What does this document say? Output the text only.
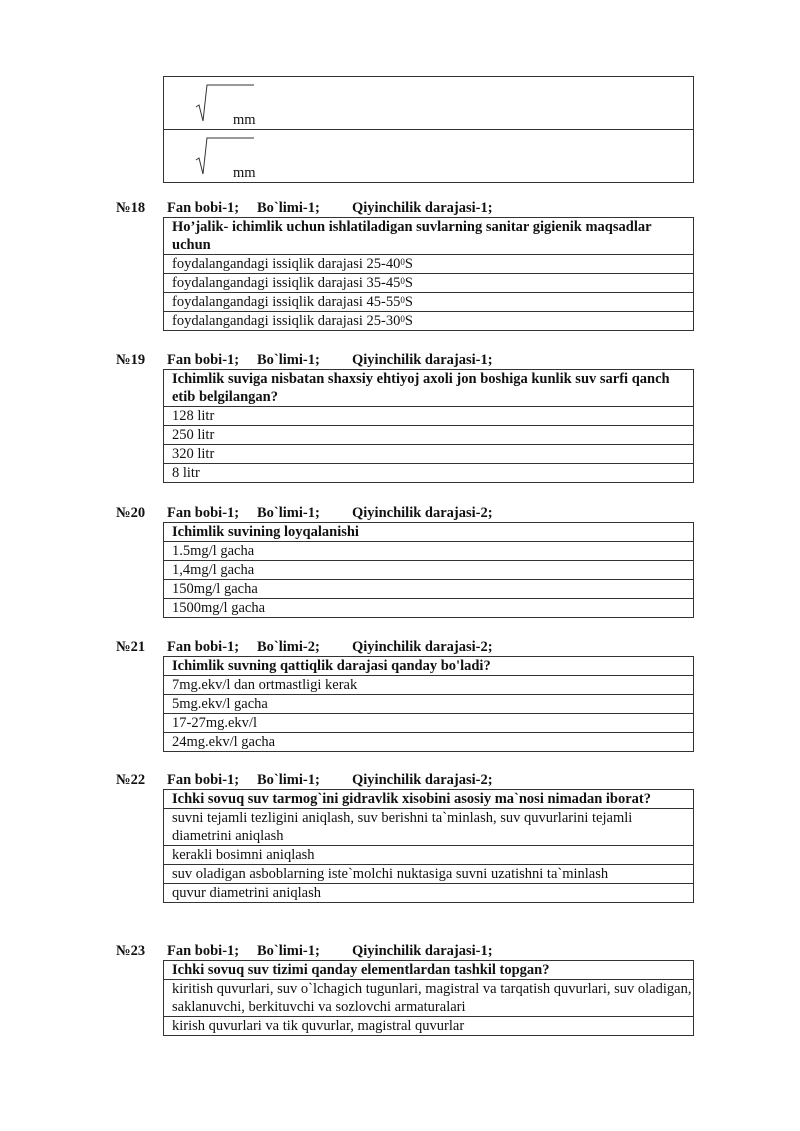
mm

mm
№18 Fan bobi-1; Bo`limi-1; Qiyinchilik darajasi-1;
Ho’jalik- ichimlik uchun ishlatiladigan suvlarning sanitar gigienik maqsadlar uchun
foydalangandagi issiqlik darajasi $25-40^0S$
foydalangandagi issiqlik darajasi $35-45^0S$
foydalangandagi issiqlik darajasi $45-55^0S$
foydalangandagi issiqlik darajasi $25-30^0S$
№19 Fan bobi-1; Bo`limi-1; Qiyinchilik darajasi-1;
Ichimlik suviga nisbatan shaxsiy ehtiyoj axoli jon boshiga kunlik suv sarfi qanch etib belgilangan?
128 litr
250 litr
320 litr
8 litr
№20 Fan bobi-1; Bo`limi-1; Qiyinchilik darajasi-2;
Ichimlik suvining loyqalanishi
1.5mg/l gacha
1,4mg/l gacha
150mg/l gacha
1500mg/l gacha
№21 Fan bobi-1; Bo`limi-2; Qiyinchilik darajasi-2;
Ichimlik suvning qattiqlik darajasi qanday bo'ladi?
7mg.ekv/l dan ortmastligi kerak
5mg.ekv/l gacha
17-27mg.ekv/l
24mg.ekv/l gacha
№22 Fan bobi-1; Bo`limi-1; Qiyinchilik darajasi-2;
Ichki sovuq suv tarmog`ini gidravlik xisobini asosiy ma`nosi nimadan iborat?
suvni tejamli tezligini aniqlash, suv berishni ta`minlash, suv quvurlarini tejamli diametrini aniqlash
kerakli bosimni aniqlash
suv oladigan asboblarning iste`molchi nuktasiga suvni uzatishni ta`minlash
quvur diametrini aniqlash
№23 Fan bobi-1; Bo`limi-1; Qiyinchilik darajasi-1;
Ichki sovuq suv tizimi qanday elementlardan tashkil topgan?
kiritish quvurlari, suv o`lchagich tugunlari, magistral va tarqatish quvurlari, suv oladigan, saklanuvchi, berkituvchi va sozlovchi armaturalari
kirish quvurlari va tik quvurlar, magistral quvurlar
